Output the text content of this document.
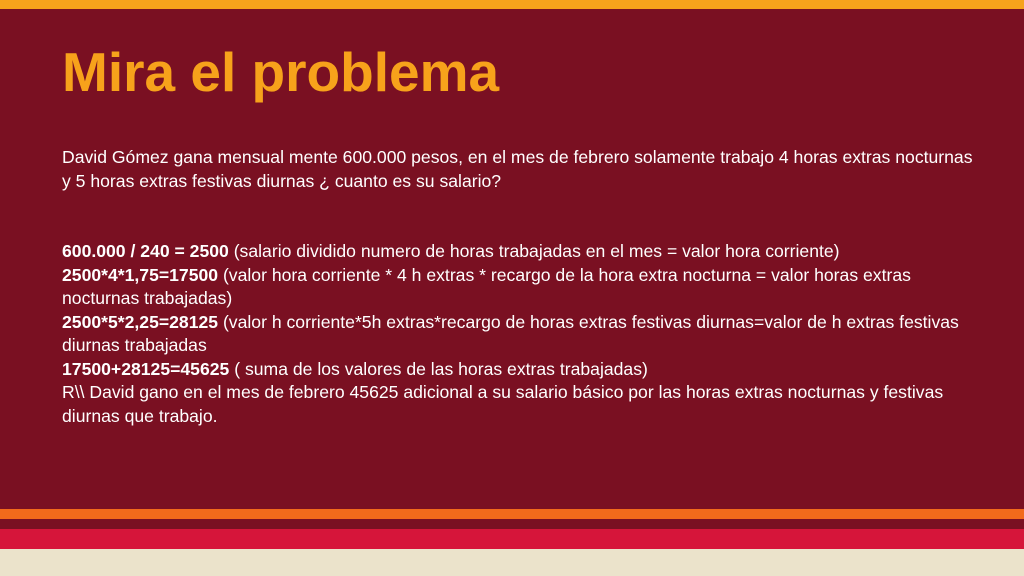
Mira el problema

David Gómez gana mensual mente 600.000 pesos, en el mes de febrero solamente trabajo 4 horas extras nocturnas y 5 horas extras festivas diurnas ¿ cuanto es su salario?

600.000 / 240 = 2500 (salario dividido numero de horas trabajadas en el mes = valor hora corriente)

2500*4*1,75=17500 (valor hora corriente * 4 h extras * recargo de la hora extra nocturna = valor horas extras nocturnas trabajadas)

2500*5*2,25=28125 (valor h corriente*5h extras*recargo de horas extras festivas diurnas=valor de h extras festivas diurnas trabajadas

17500+28125=45625 ( suma de los valores de las horas extras trabajadas)

R\\ David gano en el mes de febrero 45625 adicional a su salario básico por las horas extras nocturnas y festivas diurnas que trabajo.
